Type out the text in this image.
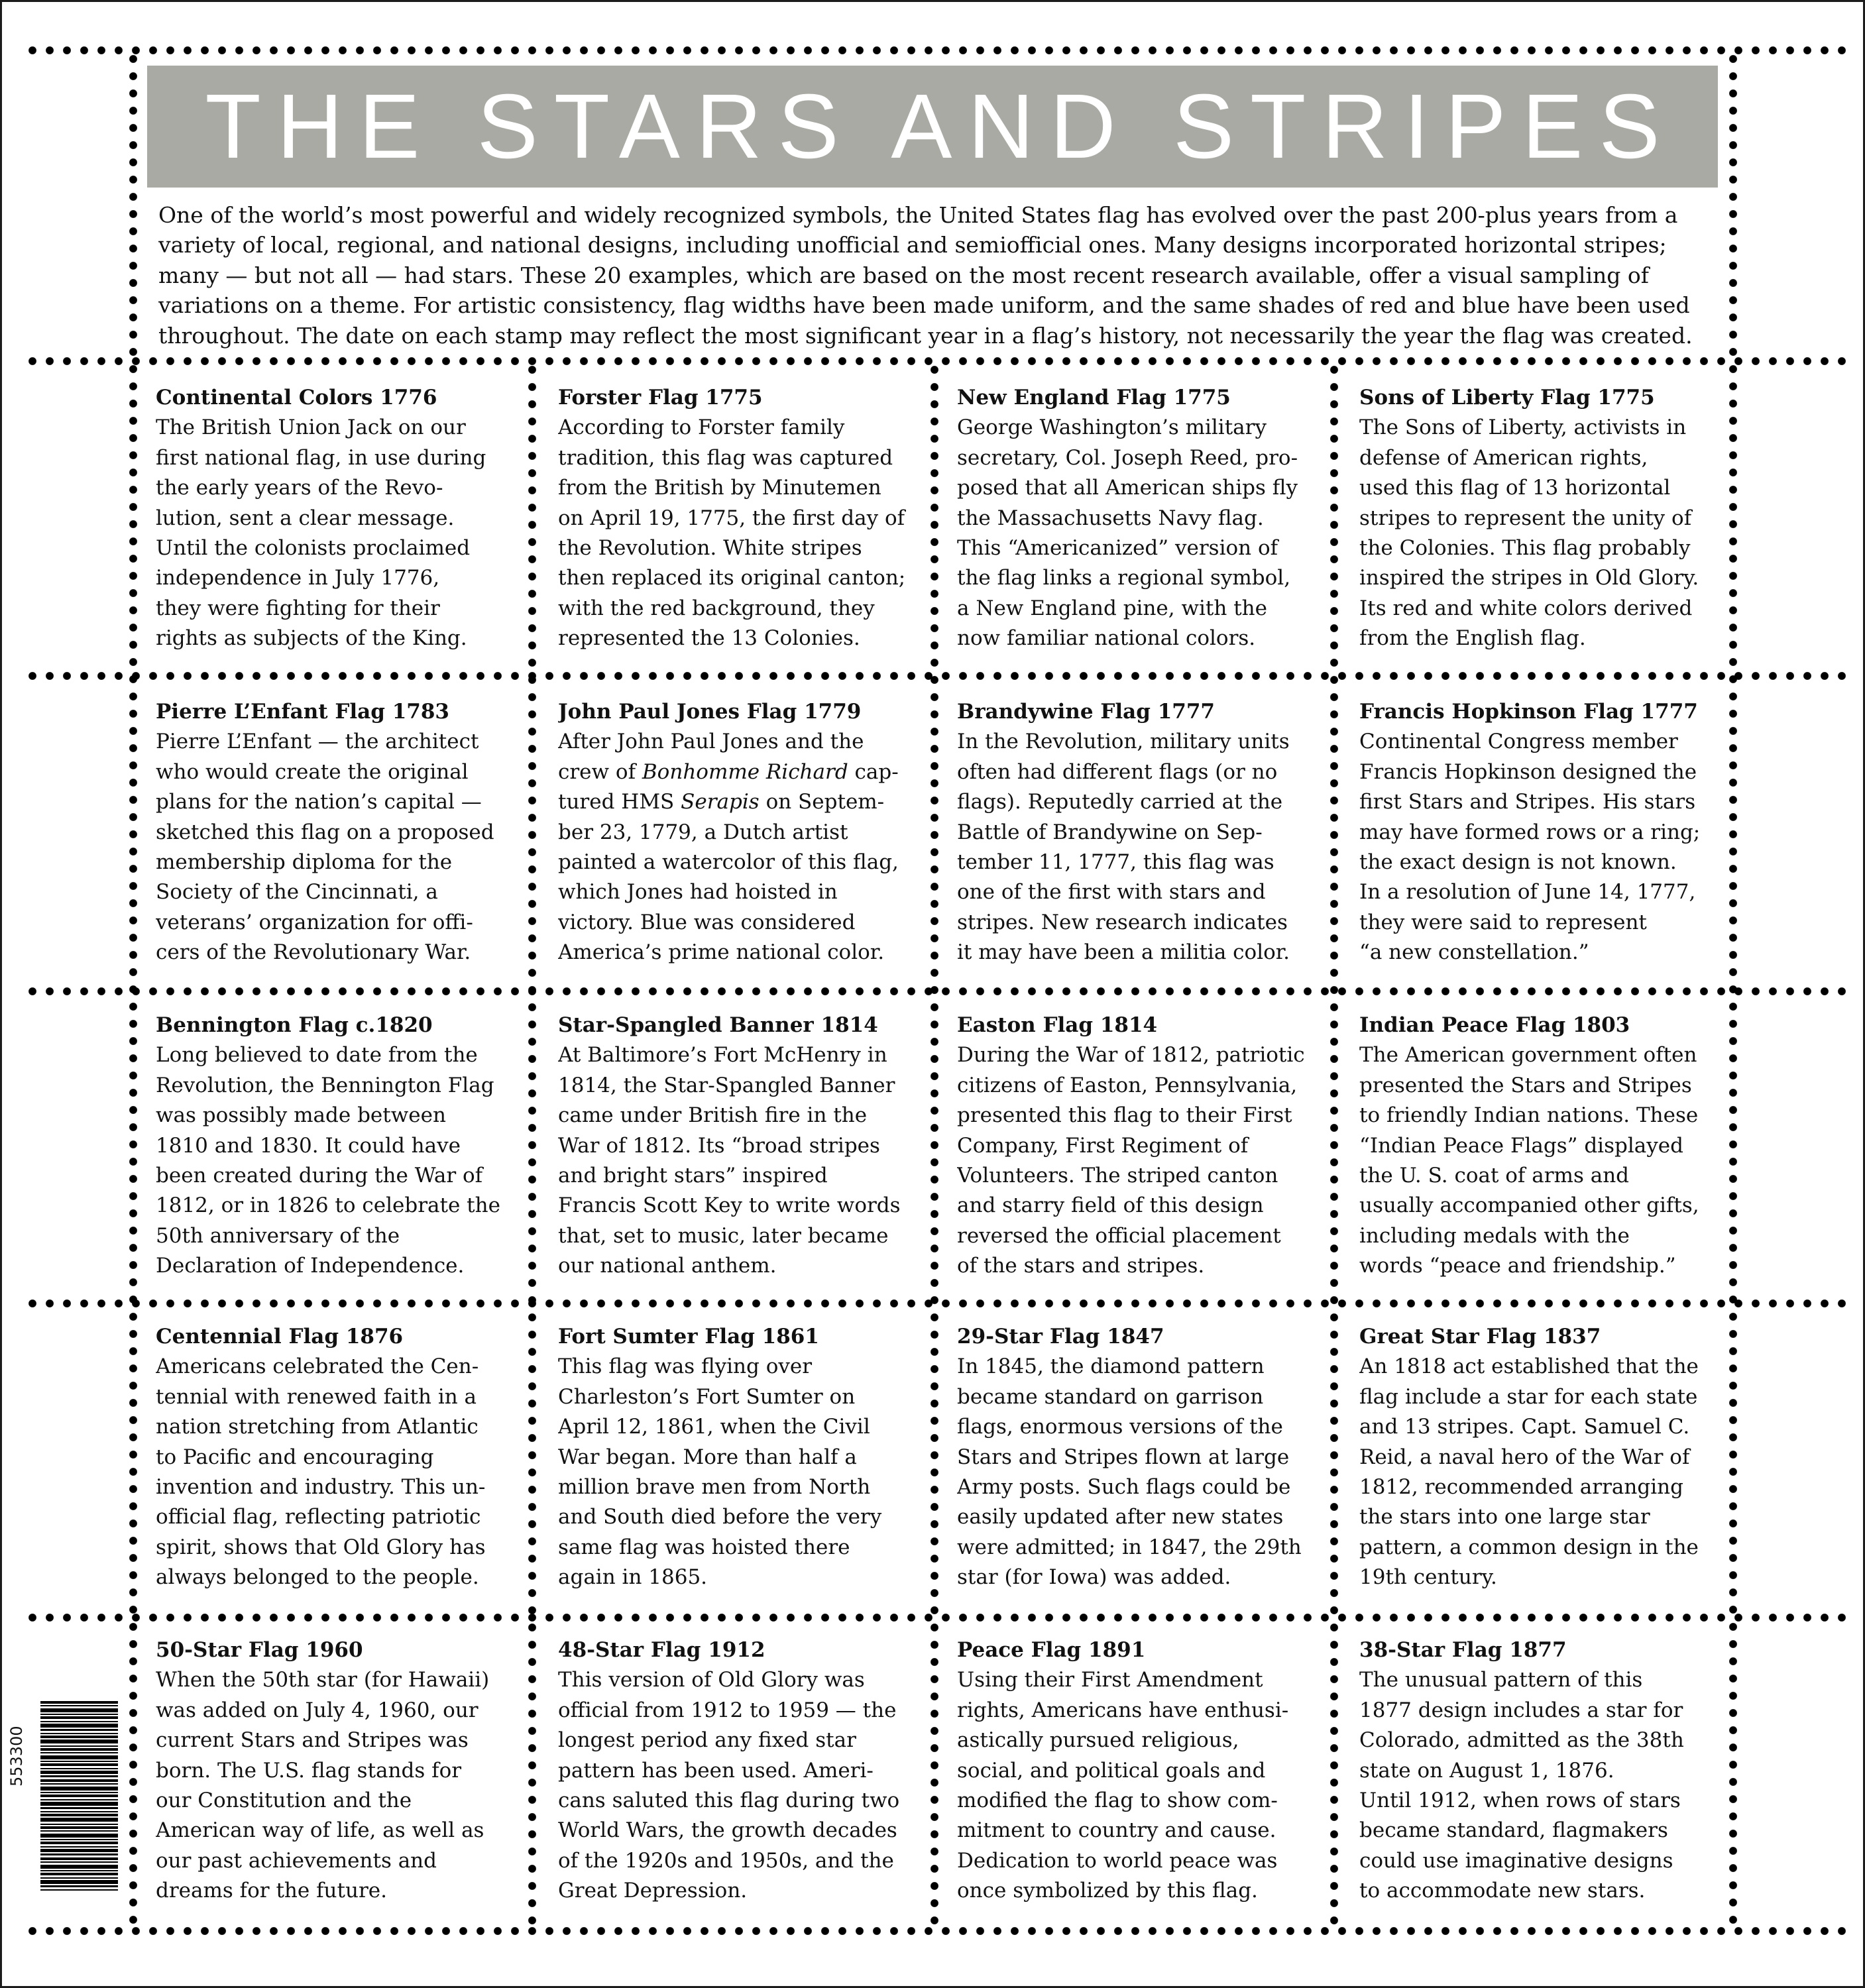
THE STARS AND STRIPES
One of the world’s most powerful and widely recognized symbols, the United States flag has evolved over the past 200-plus years from a
variety of local, regional, and national designs, including unofficial and semiofficial ones. Many designs incorporated horizontal stripes;
many — but not all — had stars. These 20 examples, which are based on the most recent research available, offer a visual sampling of
variations on a theme. For artistic consistency, flag widths have been made uniform, and the same shades of red and blue have been used
throughout. The date on each stamp may reflect the most significant year in a flag’s history, not necessarily the year the flag was created.
Continental Colors 1776
The British Union Jack on our
first national flag, in use during
the early years of the Revo-
lution, sent a clear message.
Until the colonists proclaimed
independence in July 1776,
they were fighting for their
rights as subjects of the King.
Forster Flag 1775
According to Forster family
tradition, this flag was captured
from the British by Minutemen
on April 19, 1775, the first day of
the Revolution. White stripes
then replaced its original canton;
with the red background, they
represented the 13 Colonies.
New England Flag 1775
George Washington’s military
secretary, Col. Joseph Reed, pro-
posed that all American ships fly
the Massachusetts Navy flag.
This “Americanized” version of
the flag links a regional symbol,
a New England pine, with the
now familiar national colors.
Sons of Liberty Flag 1775
The Sons of Liberty, activists in
defense of American rights,
used this flag of 13 horizontal
stripes to represent the unity of
the Colonies. This flag probably
inspired the stripes in Old Glory.
Its red and white colors derived
from the English flag.
Pierre L’Enfant Flag 1783
Pierre L’Enfant — the architect
who would create the original
plans for the nation’s capital —
sketched this flag on a proposed
membership diploma for the
Society of the Cincinnati, a
veterans’ organization for offi-
cers of the Revolutionary War.
John Paul Jones Flag 1779
After John Paul Jones and the
crew of Bonhomme Richard cap-
tured HMS Serapis on Septem-
ber 23, 1779, a Dutch artist
painted a watercolor of this flag,
which Jones had hoisted in
victory. Blue was considered
America’s prime national color.
Brandywine Flag 1777
In the Revolution, military units
often had different flags (or no
flags). Reputedly carried at the
Battle of Brandywine on Sep-
tember 11, 1777, this flag was
one of the first with stars and
stripes. New research indicates
it may have been a militia color.
Francis Hopkinson Flag 1777
Continental Congress member
Francis Hopkinson designed the
first Stars and Stripes. His stars
may have formed rows or a ring;
the exact design is not known.
In a resolution of June 14, 1777,
they were said to represent
“a new constellation.”
Bennington Flag c.1820
Long believed to date from the
Revolution, the Bennington Flag
was possibly made between
1810 and 1830. It could have
been created during the War of
1812, or in 1826 to celebrate the
50th anniversary of the
Declaration of Independence.
Star-Spangled Banner 1814
At Baltimore’s Fort McHenry in
1814, the Star-Spangled Banner
came under British fire in the
War of 1812. Its “broad stripes
and bright stars” inspired
Francis Scott Key to write words
that, set to music, later became
our national anthem.
Easton Flag 1814
During the War of 1812, patriotic
citizens of Easton, Pennsylvania,
presented this flag to their First
Company, First Regiment of
Volunteers. The striped canton
and starry field of this design
reversed the official placement
of the stars and stripes.
Indian Peace Flag 1803
The American government often
presented the Stars and Stripes
to friendly Indian nations. These
“Indian Peace Flags” displayed
the U. S. coat of arms and
usually accompanied other gifts,
including medals with the
words “peace and friendship.”
Centennial Flag 1876
Americans celebrated the Cen-
tennial with renewed faith in a
nation stretching from Atlantic
to Pacific and encouraging
invention and industry. This un-
official flag, reflecting patriotic
spirit, shows that Old Glory has
always belonged to the people.
Fort Sumter Flag 1861
This flag was flying over
Charleston’s Fort Sumter on
April 12, 1861, when the Civil
War began. More than half a
million brave men from North
and South died before the very
same flag was hoisted there
again in 1865.
29-Star Flag 1847
In 1845, the diamond pattern
became standard on garrison
flags, enormous versions of the
Stars and Stripes flown at large
Army posts. Such flags could be
easily updated after new states
were admitted; in 1847, the 29th
star (for Iowa) was added.
Great Star Flag 1837
An 1818 act established that the
flag include a star for each state
and 13 stripes. Capt. Samuel C.
Reid, a naval hero of the War of
1812, recommended arranging
the stars into one large star
pattern, a common design in the
19th century.
50-Star Flag 1960
When the 50th star (for Hawaii)
was added on July 4, 1960, our
current Stars and Stripes was
born. The U.S. flag stands for
our Constitution and the
American way of life, as well as
our past achievements and
dreams for the future.
48-Star Flag 1912
This version of Old Glory was
official from 1912 to 1959 — the
longest period any fixed star
pattern has been used. Ameri-
cans saluted this flag during two
World Wars, the growth decades
of the 1920s and 1950s, and the
Great Depression.
Peace Flag 1891
Using their First Amendment
rights, Americans have enthusi-
astically pursued religious,
social, and political goals and
modified the flag to show com-
mitment to country and cause.
Dedication to world peace was
once symbolized by this flag.
38-Star Flag 1877
The unusual pattern of this
1877 design includes a star for
Colorado, admitted as the 38th
state on August 1, 1876.
Until 1912, when rows of stars
became standard, flagmakers
could use imaginative designs
to accommodate new stars.
553300
